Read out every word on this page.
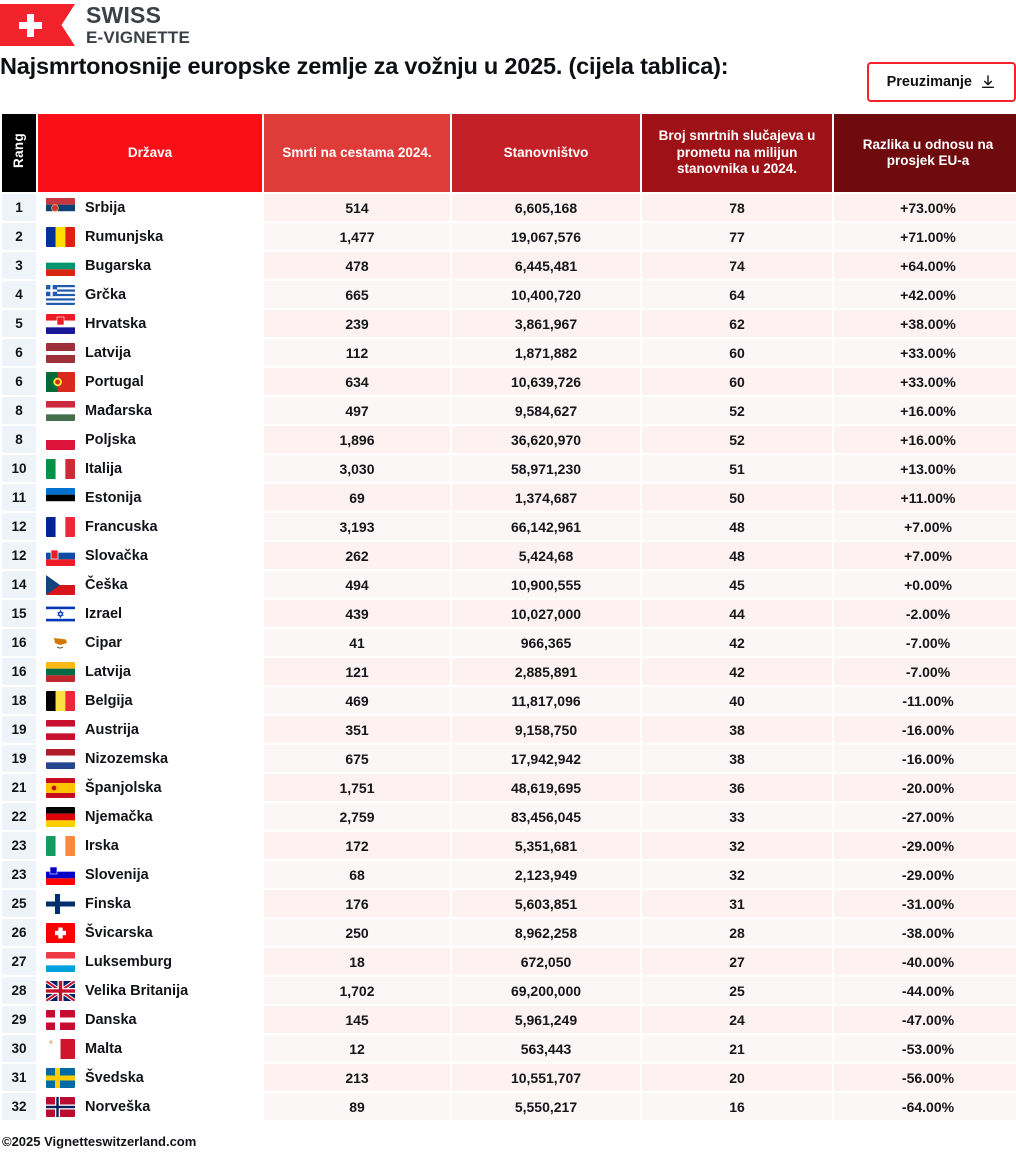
SWISS
E-VIGNETTE
Najsmrtonosnije europske zemlje za vožnju u 2025. (cijela tablica):
Preuzimanje
Rang	Država	Smrti na cestama 2024.	Stanovništvo	Broj smrtnih slučajeva u prometu na milijun stanovnika u 2024.	Razlika u odnosu na prosjek EU-a
1	Srbija	514	6,605,168	78	+73.00%
2	Rumunjska	1,477	19,067,576	77	+71.00%
3	Bugarska	478	6,445,481	74	+64.00%
4	Grčka	665	10,400,720	64	+42.00%
5	Hrvatska	239	3,861,967	62	+38.00%
6	Latvija	112	1,871,882	60	+33.00%
6	Portugal	634	10,639,726	60	+33.00%
8	Mađarska	497	9,584,627	52	+16.00%
8	Poljska	1,896	36,620,970	52	+16.00%
10	Italija	3,030	58,971,230	51	+13.00%
11	Estonija	69	1,374,687	50	+11.00%
12	Francuska	3,193	66,142,961	48	+7.00%
12	Slovačka	262	5,424,68	48	+7.00%
14	Češka	494	10,900,555	45	+0.00%
15	Izrael	439	10,027,000	44	-2.00%
16	Cipar	41	966,365	42	-7.00%
16	Latvija	121	2,885,891	42	-7.00%
18	Belgija	469	11,817,096	40	-11.00%
19	Austrija	351	9,158,750	38	-16.00%
19	Nizozemska	675	17,942,942	38	-16.00%
21	Španjolska	1,751	48,619,695	36	-20.00%
22	Njemačka	2,759	83,456,045	33	-27.00%
23	Irska	172	5,351,681	32	-29.00%
23	Slovenija	68	2,123,949	32	-29.00%
25	Finska	176	5,603,851	31	-31.00%
26	Švicarska	250	8,962,258	28	-38.00%
27	Luksemburg	18	672,050	27	-40.00%
28	Velika Britanija	1,702	69,200,000	25	-44.00%
29	Danska	145	5,961,249	24	-47.00%
30	Malta	12	563,443	21	-53.00%
31	Švedska	213	10,551,707	20	-56.00%
32	Norveška	89	5,550,217	16	-64.00%
©2025 Vignetteswitzerland.com
